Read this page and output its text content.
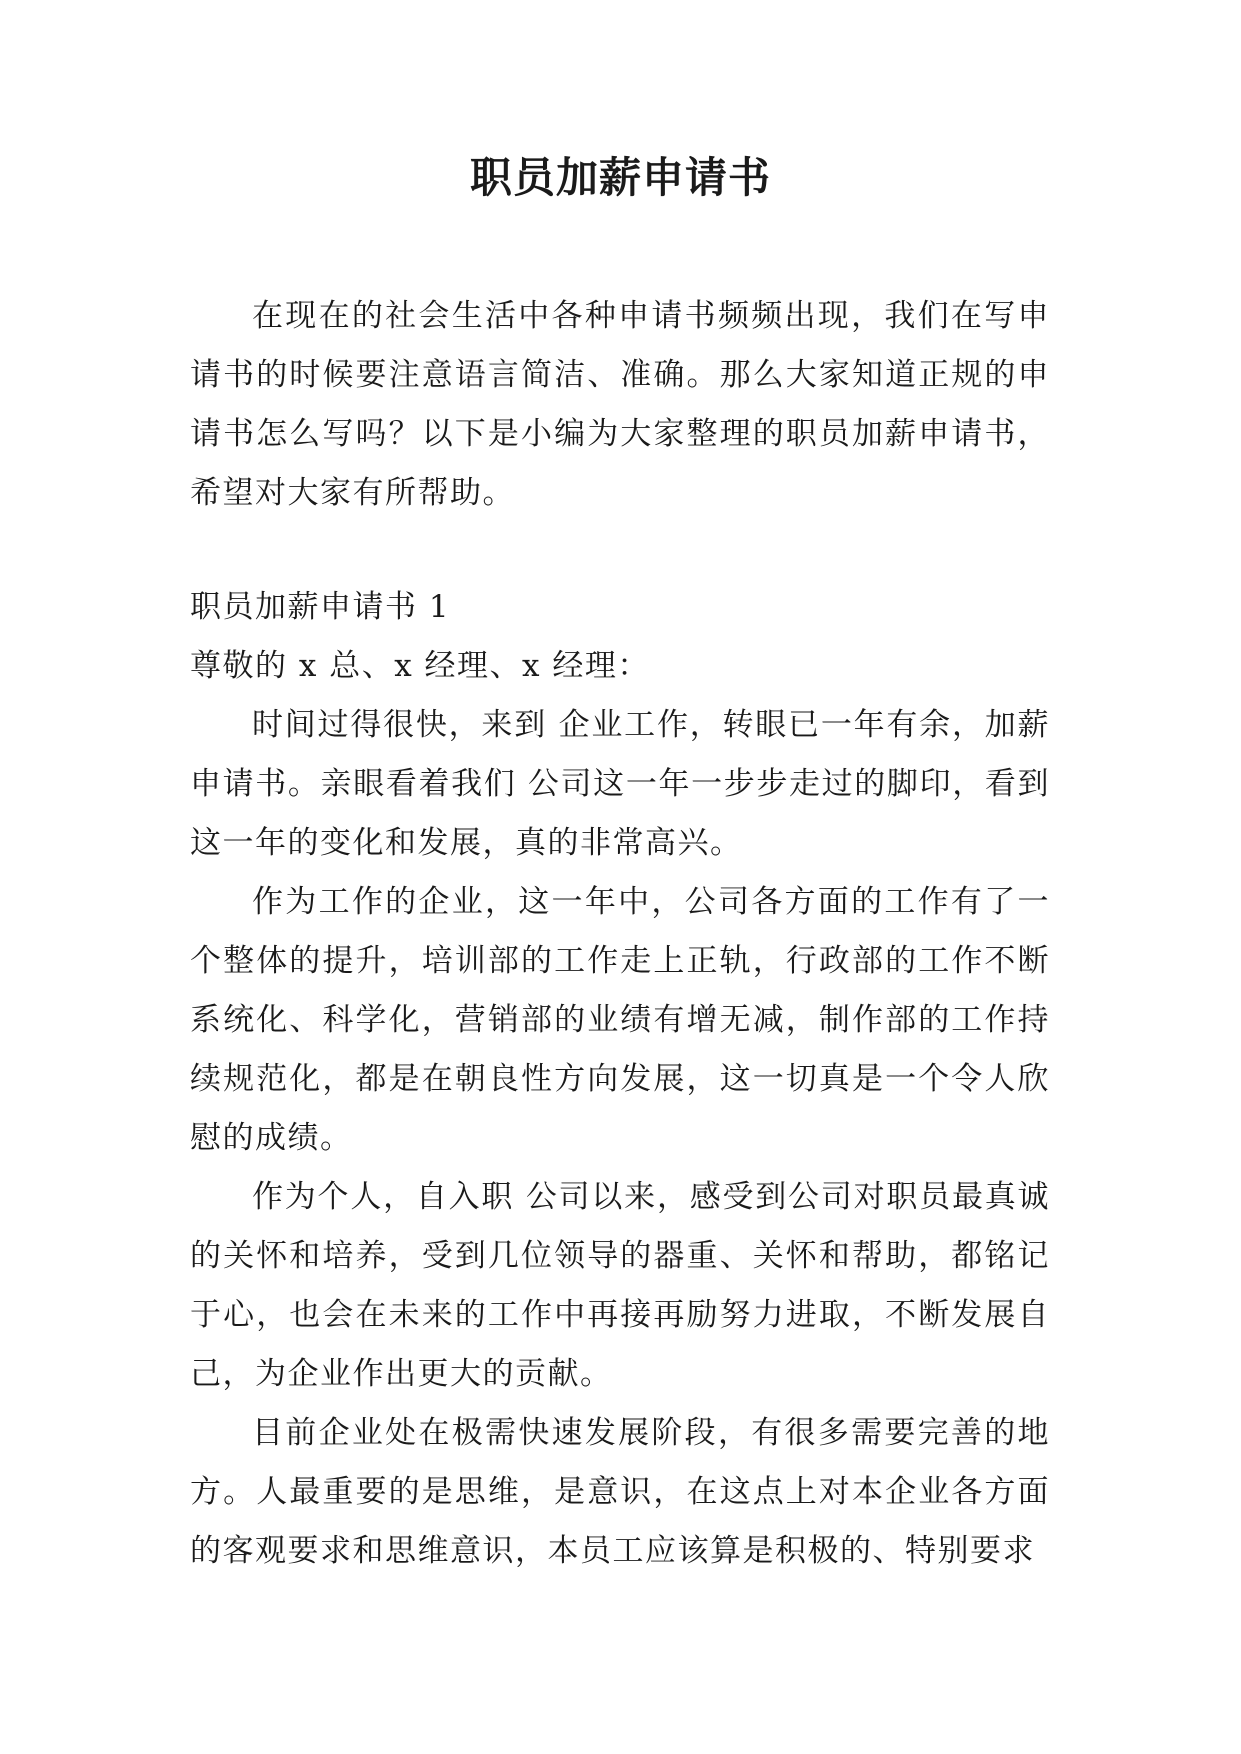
职员加薪申请书

在现在的社会生活中各种申请书频频出现，我们在写申请书的时候要注意语言简洁、准确。那么大家知道正规的申请书怎么写吗？以下是小编为大家整理的职员加薪申请书，希望对大家有所帮助。

职员加薪申请书 1

尊敬的 x 总、x 经理、x 经理：

时间过得很快，来到 企业工作，转眼已一年有余，加薪申请书。亲眼看着我们 公司这一年一步步走过的脚印，看到这一年的变化和发展，真的非常高兴。

作为工作的企业，这一年中，公司各方面的工作有了一个整体的提升，培训部的工作走上正轨，行政部的工作不断系统化、科学化，营销部的业绩有增无减，制作部的工作持续规范化，都是在朝良性方向发展，这一切真是一个令人欣慰的成绩。

作为个人，自入职 公司以来，感受到公司对职员最真诚的关怀和培养，受到几位领导的器重、关怀和帮助，都铭记于心，也会在未来的工作中再接再励努力进取，不断发展自己，为企业作出更大的贡献。

目前企业处在极需快速发展阶段，有很多需要完善的地方。人最重要的是思维，是意识，在这点上对本企业各方面的客观要求和思维意识，本员工应该算是积极的、特别要求
